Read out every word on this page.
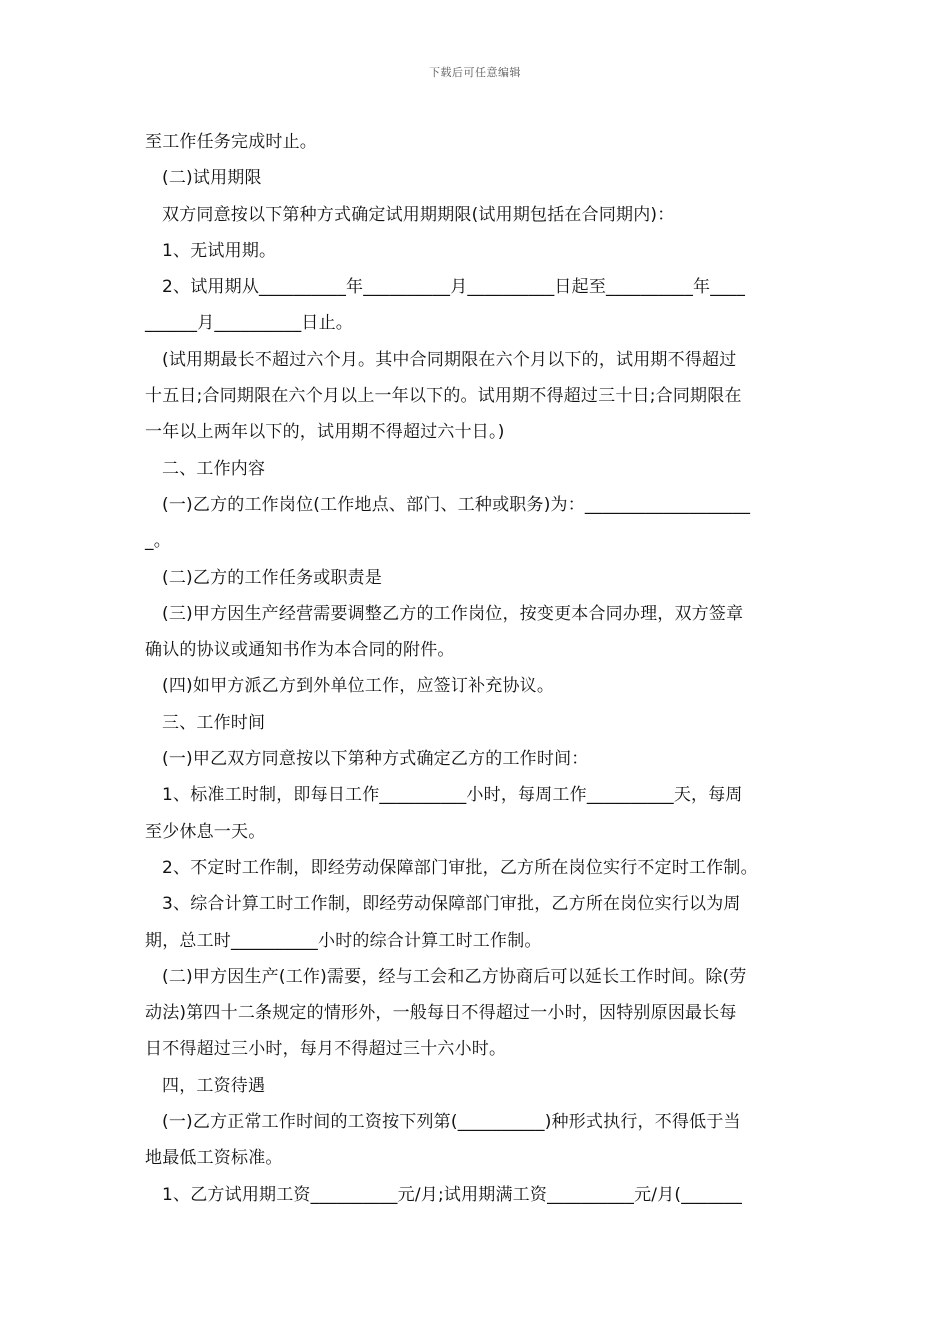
下载后可任意编辑
至工作任务完成时止。
(二)试用期限
双方同意按以下第种方式确定试用期期限(试用期包括在合同期内)：
1、无试用期。
2、试用期从__________年__________月__________日起至__________年____
______月__________日止。
(试用期最长不超过六个月。其中合同期限在六个月以下的，试用期不得超过
十五日;合同期限在六个月以上一年以下的。试用期不得超过三十日;合同期限在
一年以上两年以下的，试用期不得超过六十日。)
二、工作内容
(一)乙方的工作岗位(工作地点、部门、工种或职务)为：___________________
_。
(二)乙方的工作任务或职责是
(三)甲方因生产经营需要调整乙方的工作岗位，按变更本合同办理，双方签章
确认的协议或通知书作为本合同的附件。
(四)如甲方派乙方到外单位工作，应签订补充协议。
三、工作时间
(一)甲乙双方同意按以下第种方式确定乙方的工作时间：
1、标准工时制，即每日工作__________小时，每周工作__________天，每周
至少休息一天。
2、不定时工作制，即经劳动保障部门审批，乙方所在岗位实行不定时工作制。
3、综合计算工时工作制，即经劳动保障部门审批，乙方所在岗位实行以为周
期，总工时__________小时的综合计算工时工作制。
(二)甲方因生产(工作)需要，经与工会和乙方协商后可以延长工作时间。除(劳
动法)第四十二条规定的情形外，一般每日不得超过一小时，因特别原因最长每
日不得超过三小时，每月不得超过三十六小时。
四，工资待遇
(一)乙方正常工作时间的工资按下列第(__________)种形式执行，不得低于当
地最低工资标准。
1、乙方试用期工资__________元/月;试用期满工资__________元/月(_______
